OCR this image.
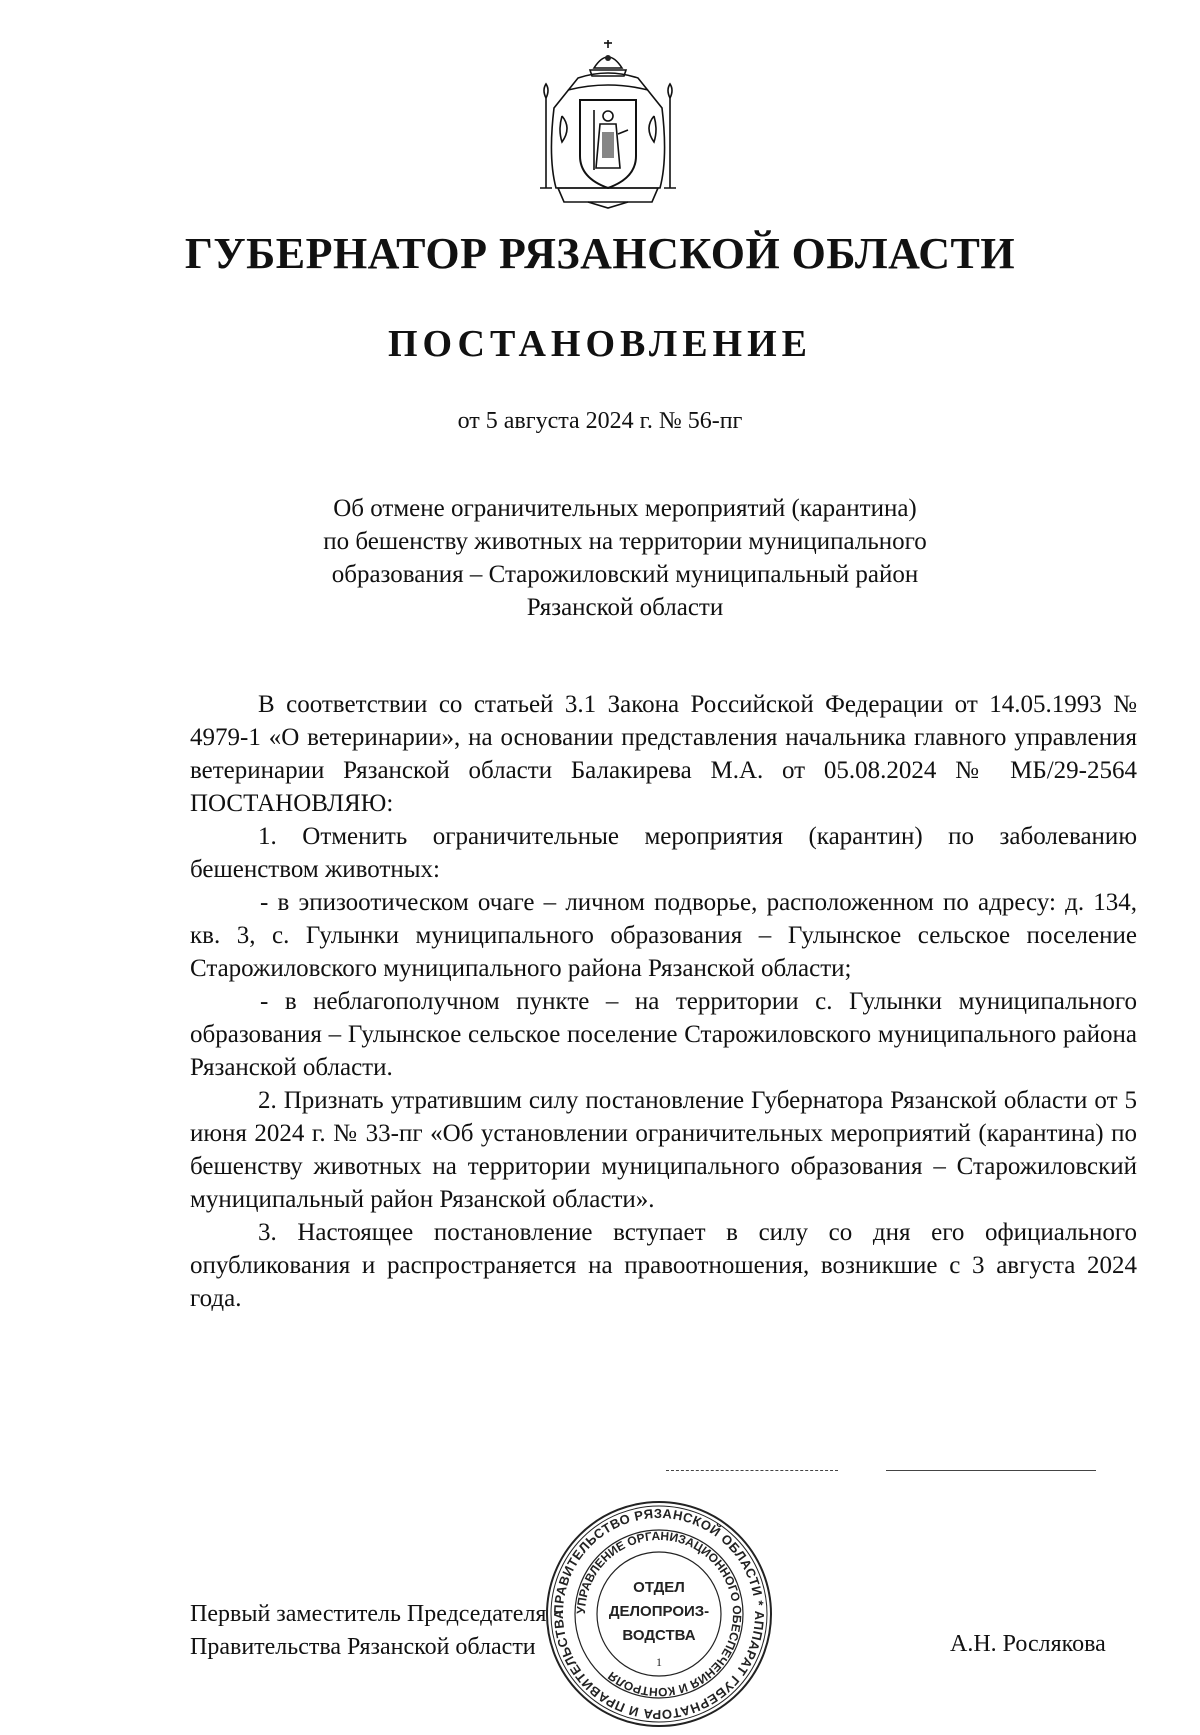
ГУБЕРНАТОР РЯЗАНСКОЙ ОБЛАСТИ
ПОСТАНОВЛЕНИЕ
от 5 августа 2024 г. № 56-пг
Об отмене ограничительных мероприятий (карантина)
по бешенству животных на территории муниципального
образования – Старожиловский муниципальный район
Рязанской области

В соответствии со статьей 3.1 Закона Российской Федерации от 14.05.1993 № 4979-1 «О ветеринарии», на основании представления начальника главного управления ветеринарии Рязанской области Балакирева М.А. от 05.08.2024 № МБ/29-2564 ПОСТАНОВЛЯЮ:

1. Отменить ограничительные мероприятия (карантин) по заболеванию бешенством животных:

- в эпизоотическом очаге – личном подворье, расположенном по адресу: д. 134, кв. 3, с. Гулынки муниципального образования – Гулынское сельское поселение Старожиловского муниципального района Рязанской области;

- в неблагополучном пункте – на территории с. Гулынки муниципального образования – Гулынское сельское поселение Старожиловского муниципального района Рязанской области.

2. Признать утратившим силу постановление Губернатора Рязанской области от 5 июня 2024 г. № 33-пг «Об установлении ограничительных мероприятий (карантина) по бешенству животных на территории муниципального образования – Старожиловский муниципальный район Рязанской области».

3. Настоящее постановление вступает в силу со дня его официального опубликования и распространяется на правоотношения, возникшие с 3 августа 2024 года.

Первый заместитель Председателя
Правительства Рязанской области	А.Н. Рослякова
ПРАВИТЕЛЬСТВО РЯЗАНСКОЙ ОБЛАСТИ * АППАРАТ ГУБЕРНАТОРА И ПРАВИТЕЛЬСТВА УПРАВЛЕНИЕ ОРГАНИЗАЦИОННОГО ОБЕСПЕЧЕНИЯ И КОНТРОЛЯ
ОТДЕЛ
ДЕЛОПРОИЗ-
ВОДСТВА
1
